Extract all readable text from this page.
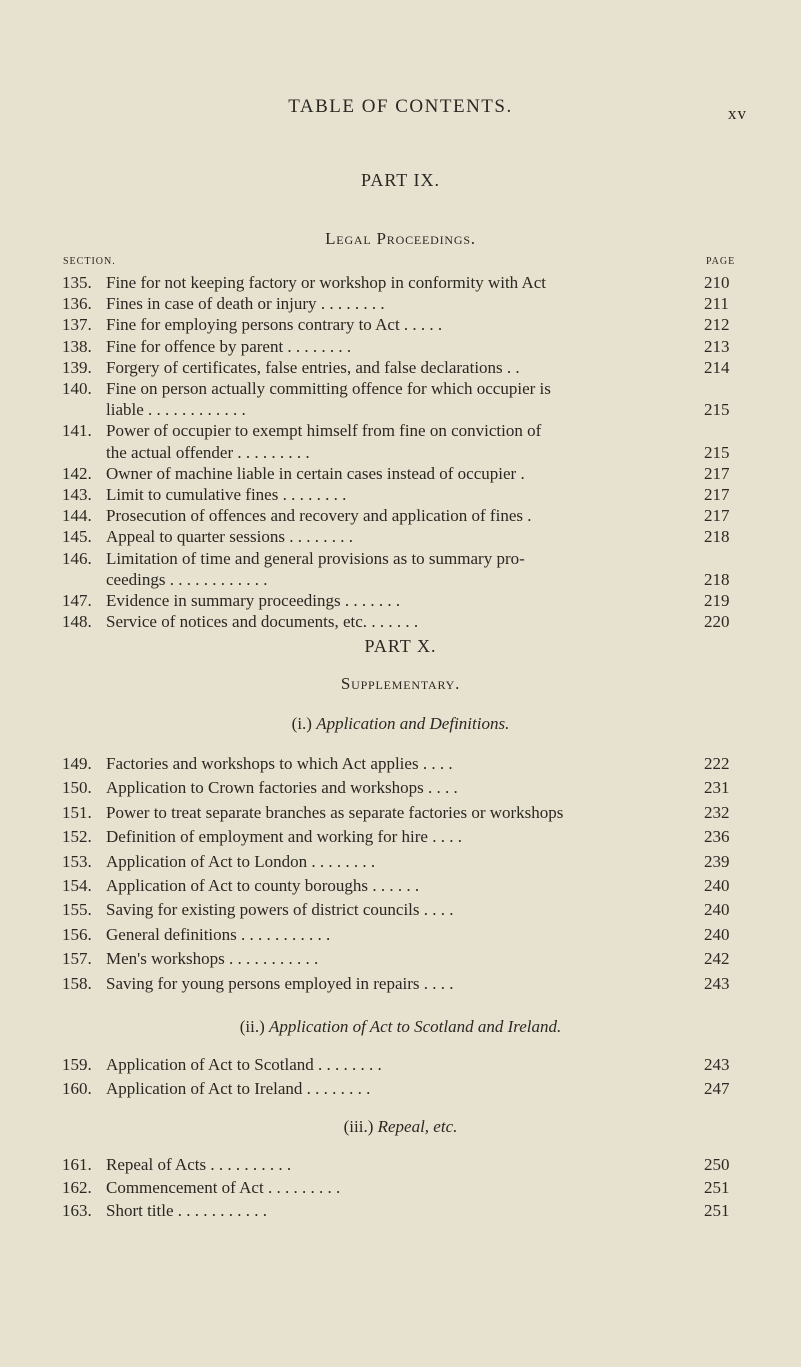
TABLE OF CONTENTS.	xv
PART IX.
Legal Proceedings.
SECTION.	PAGE
135. Fine for not keeping factory or workshop in conformity with Act	210
136. Fines in case of death or injury . . . . . . . .	211
137. Fine for employing persons contrary to Act . . . . .	212
138. Fine for offence by parent . . . . . . . .	213
139. Forgery of certificates, false entries, and false declarations . .	214
140. Fine on person actually committing offence for which occupier is
liable . . . . . . . . . . . .	215
141. Power of occupier to exempt himself from fine on conviction of
the actual offender . . . . . . . . .	215
142. Owner of machine liable in certain cases instead of occupier .	217
143. Limit to cumulative fines . . . . . . . .	217
144. Prosecution of offences and recovery and application of fines .	217
145. Appeal to quarter sessions . . . . . . . .	218
146. Limitation of time and general provisions as to summary pro-
ceedings . . . . . . . . . . . .	218
147. Evidence in summary proceedings . . . . . . .	219
148. Service of notices and documents, etc. . . . . . .	220
PART X.
Supplementary.
(i.) Application and Definitions.
149. Factories and workshops to which Act applies . . . .	222
150. Application to Crown factories and workshops . . . .	231
151. Power to treat separate branches as separate factories or workshops	232
152. Definition of employment and working for hire . . . .	236
153. Application of Act to London . . . . . . . .	239
154. Application of Act to county boroughs . . . . . .	240
155. Saving for existing powers of district councils . . . .	240
156. General definitions . . . . . . . . . . .	240
157. Men's workshops . . . . . . . . . . .	242
158. Saving for young persons employed in repairs . . . .	243
(ii.) Application of Act to Scotland and Ireland.
159. Application of Act to Scotland . . . . . . . .	243
160. Application of Act to Ireland . . . . . . . .	247
(iii.) Repeal, etc.
161. Repeal of Acts . . . . . . . . . .	250
162. Commencement of Act . . . . . . . . .	251
163. Short title . . . . . . . . . . .	251
